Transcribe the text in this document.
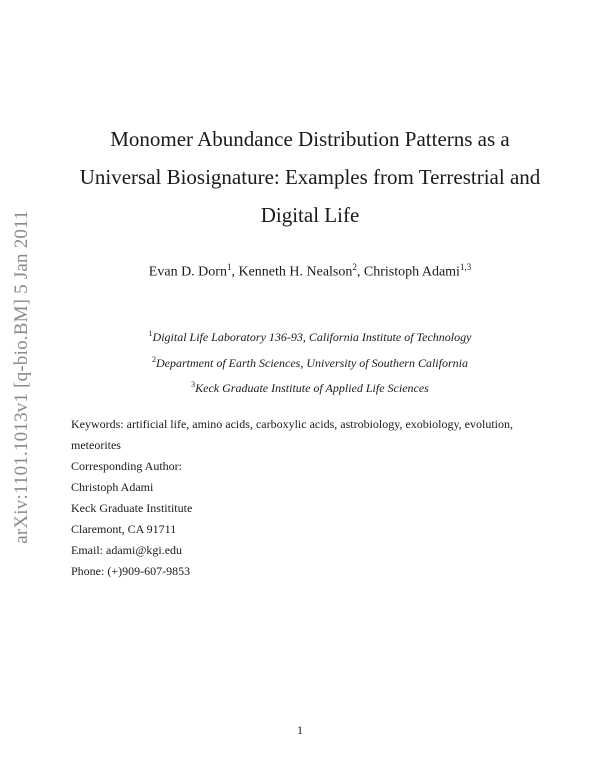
arXiv:1101.1013v1 [q-bio.BM] 5 Jan 2011
Monomer Abundance Distribution Patterns as a
Universal Biosignature: Examples from Terrestrial and
Digital Life
Evan D. Dorn$^1$, Kenneth H. Nealson$^2$, Christoph Adami$^{1,3}$
$^1$Digital Life Laboratory 136-93, California Institute of Technology
$^2$Department of Earth Sciences, University of Southern California
$^3$Keck Graduate Institute of Applied Life Sciences
Keywords: artificial life, amino acids, carboxylic acids, astrobiology, exobiology, evolution, meteorites
Corresponding Author:
Christoph Adami
Keck Graduate Instititute
Claremont, CA 91711
Email: adami@kgi.edu
Phone: (+)909-607-9853
1
